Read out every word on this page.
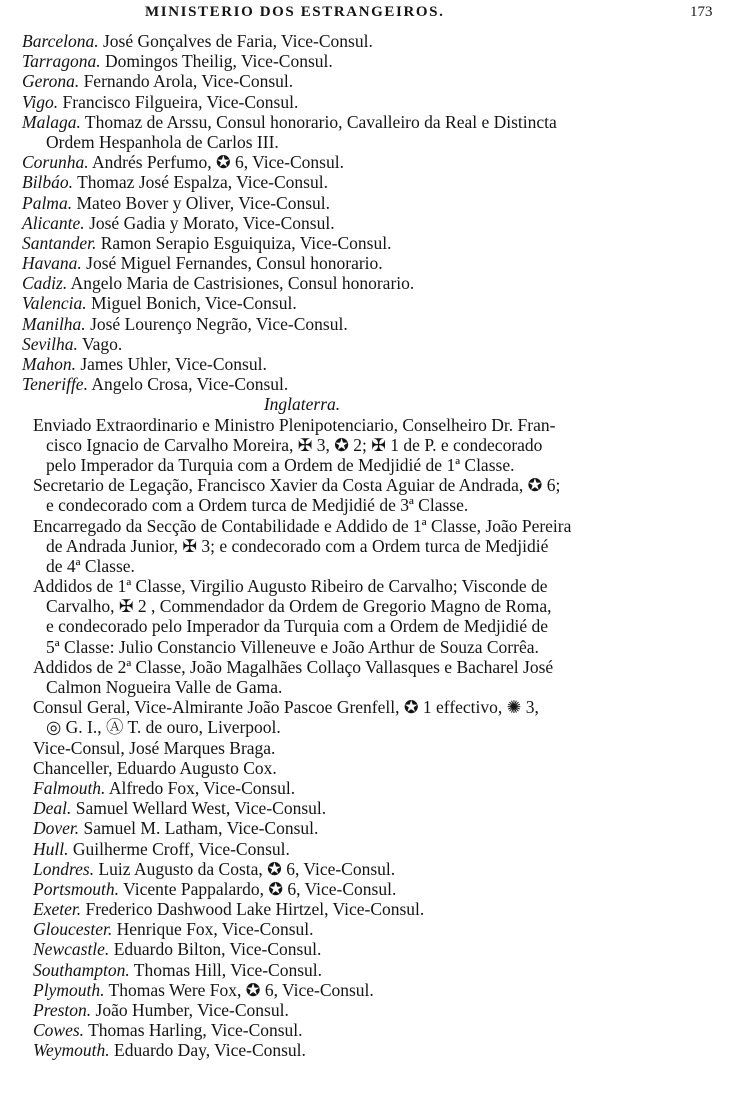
MINISTERIO DOS ESTRANGEIROS.	173
Barcelona. José Gonçalves de Faria, Vice-Consul.
Tarragona. Domingos Theilig, Vice-Consul.
Gerona. Fernando Arola, Vice-Consul.
Vigo. Francisco Filgueira, Vice-Consul.
Malaga. Thomaz de Arssu, Consul honorario, Cavalleiro da Real e Distincta
Ordem Hespanhola de Carlos III.
Corunha. Andrés Perfumo, ✪ 6, Vice-Consul.
Bilbáo. Thomaz José Espalza, Vice-Consul.
Palma. Mateo Bover y Oliver, Vice-Consul.
Alicante. José Gadia y Morato, Vice-Consul.
Santander. Ramon Serapio Esguiquiza, Vice-Consul.
Havana. José Miguel Fernandes, Consul honorario.
Cadiz. Angelo Maria de Castrisiones, Consul honorario.
Valencia. Miguel Bonich, Vice-Consul.
Manilha. José Lourenço Negrão, Vice-Consul.
Sevilha. Vago.
Mahon. James Uhler, Vice-Consul.
Teneriffe. Angelo Crosa, Vice-Consul.
Inglaterra.
Enviado Extraordinario e Ministro Plenipotenciario, Conselheiro Dr. Fran-
cisco Ignacio de Carvalho Moreira, ✠ 3, ✪ 2; ✠ 1 de P. e condecorado
pelo Imperador da Turquia com a Ordem de Medjidié de 1ª Classe.
Secretario de Legação, Francisco Xavier da Costa Aguiar de Andrada, ✪ 6;
e condecorado com a Ordem turca de Medjidié de 3ª Classe.
Encarregado da Secção de Contabilidade e Addido de 1ª Classe, João Pereira
de Andrada Junior, ✠ 3; e condecorado com a Ordem turca de Medjidié
de 4ª Classe.
Addidos de 1ª Classe, Virgilio Augusto Ribeiro de Carvalho; Visconde de
Carvalho, ✠ 2 , Commendador da Ordem de Gregorio Magno de Roma,
e condecorado pelo Imperador da Turquia com a Ordem de Medjidié de
5ª Classe: Julio Constancio Villeneuve e João Arthur de Souza Corrêa.
Addidos de 2ª Classe, João Magalhães Collaço Vallasques e Bacharel José
Calmon Nogueira Valle de Gama.
Consul Geral, Vice-Almirante João Pascoe Grenfell, ✪ 1 effectivo, ✺ 3,
◎ G. I., Ⓐ T. de ouro, Liverpool.
Vice-Consul, José Marques Braga.
Chanceller, Eduardo Augusto Cox.
Falmouth. Alfredo Fox, Vice-Consul.
Deal. Samuel Wellard West, Vice-Consul.
Dover. Samuel M. Latham, Vice-Consul.
Hull. Guilherme Croff, Vice-Consul.
Londres. Luiz Augusto da Costa, ✪ 6, Vice-Consul.
Portsmouth. Vicente Pappalardo, ✪ 6, Vice-Consul.
Exeter. Frederico Dashwood Lake Hirtzel, Vice-Consul.
Gloucester. Henrique Fox, Vice-Consul.
Newcastle. Eduardo Bilton, Vice-Consul.
Southampton. Thomas Hill, Vice-Consul.
Plymouth. Thomas Were Fox, ✪ 6, Vice-Consul.
Preston. João Humber, Vice-Consul.
Cowes. Thomas Harling, Vice-Consul.
Weymouth. Eduardo Day, Vice-Consul.
